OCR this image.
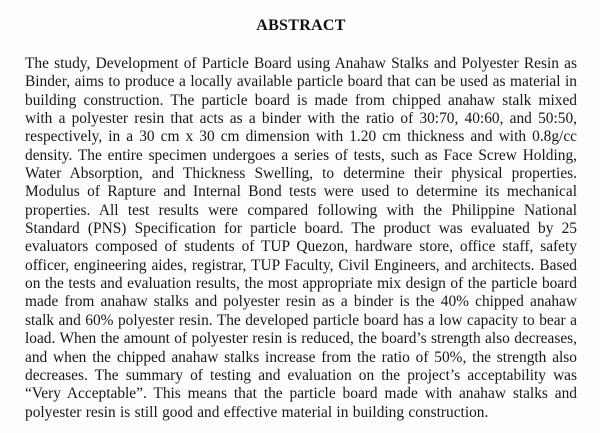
ABSTRACT

The study, Development of Particle Board using Anahaw Stalks and Polyester Resin as Binder, aims to produce a locally available particle board that can be used as material in building construction. The particle board is made from chipped anahaw stalk mixed with a polyester resin that acts as a binder with the ratio of 30:70, 40:60, and 50:50, respectively, in a 30 cm x 30 cm dimension with 1.20 cm thickness and with 0.8g/cc density. The entire specimen undergoes a series of tests, such as Face Screw Holding, Water Absorption, and Thickness Swelling, to determine their physical properties. Modulus of Rapture and Internal Bond tests were used to determine its mechanical properties. All test results were compared following with the Philippine National Standard (PNS) Specification for particle board. The product was evaluated by 25 evaluators composed of students of TUP Quezon, hardware store, office staff, safety officer, engineering aides, registrar, TUP Faculty, Civil Engineers, and architects. Based on the tests and evaluation results, the most appropriate mix design of the particle board made from anahaw stalks and polyester resin as a binder is the 40% chipped anahaw stalk and 60% polyester resin. The developed particle board has a low capacity to bear a load. When the amount of polyester resin is reduced, the board’s strength also decreases, and when the chipped anahaw stalks increase from the ratio of 50%, the strength also decreases. The summary of testing and evaluation on the project’s acceptability was “Very Acceptable”. This means that the particle board made with anahaw stalks and polyester resin is still good and effective material in building construction.
